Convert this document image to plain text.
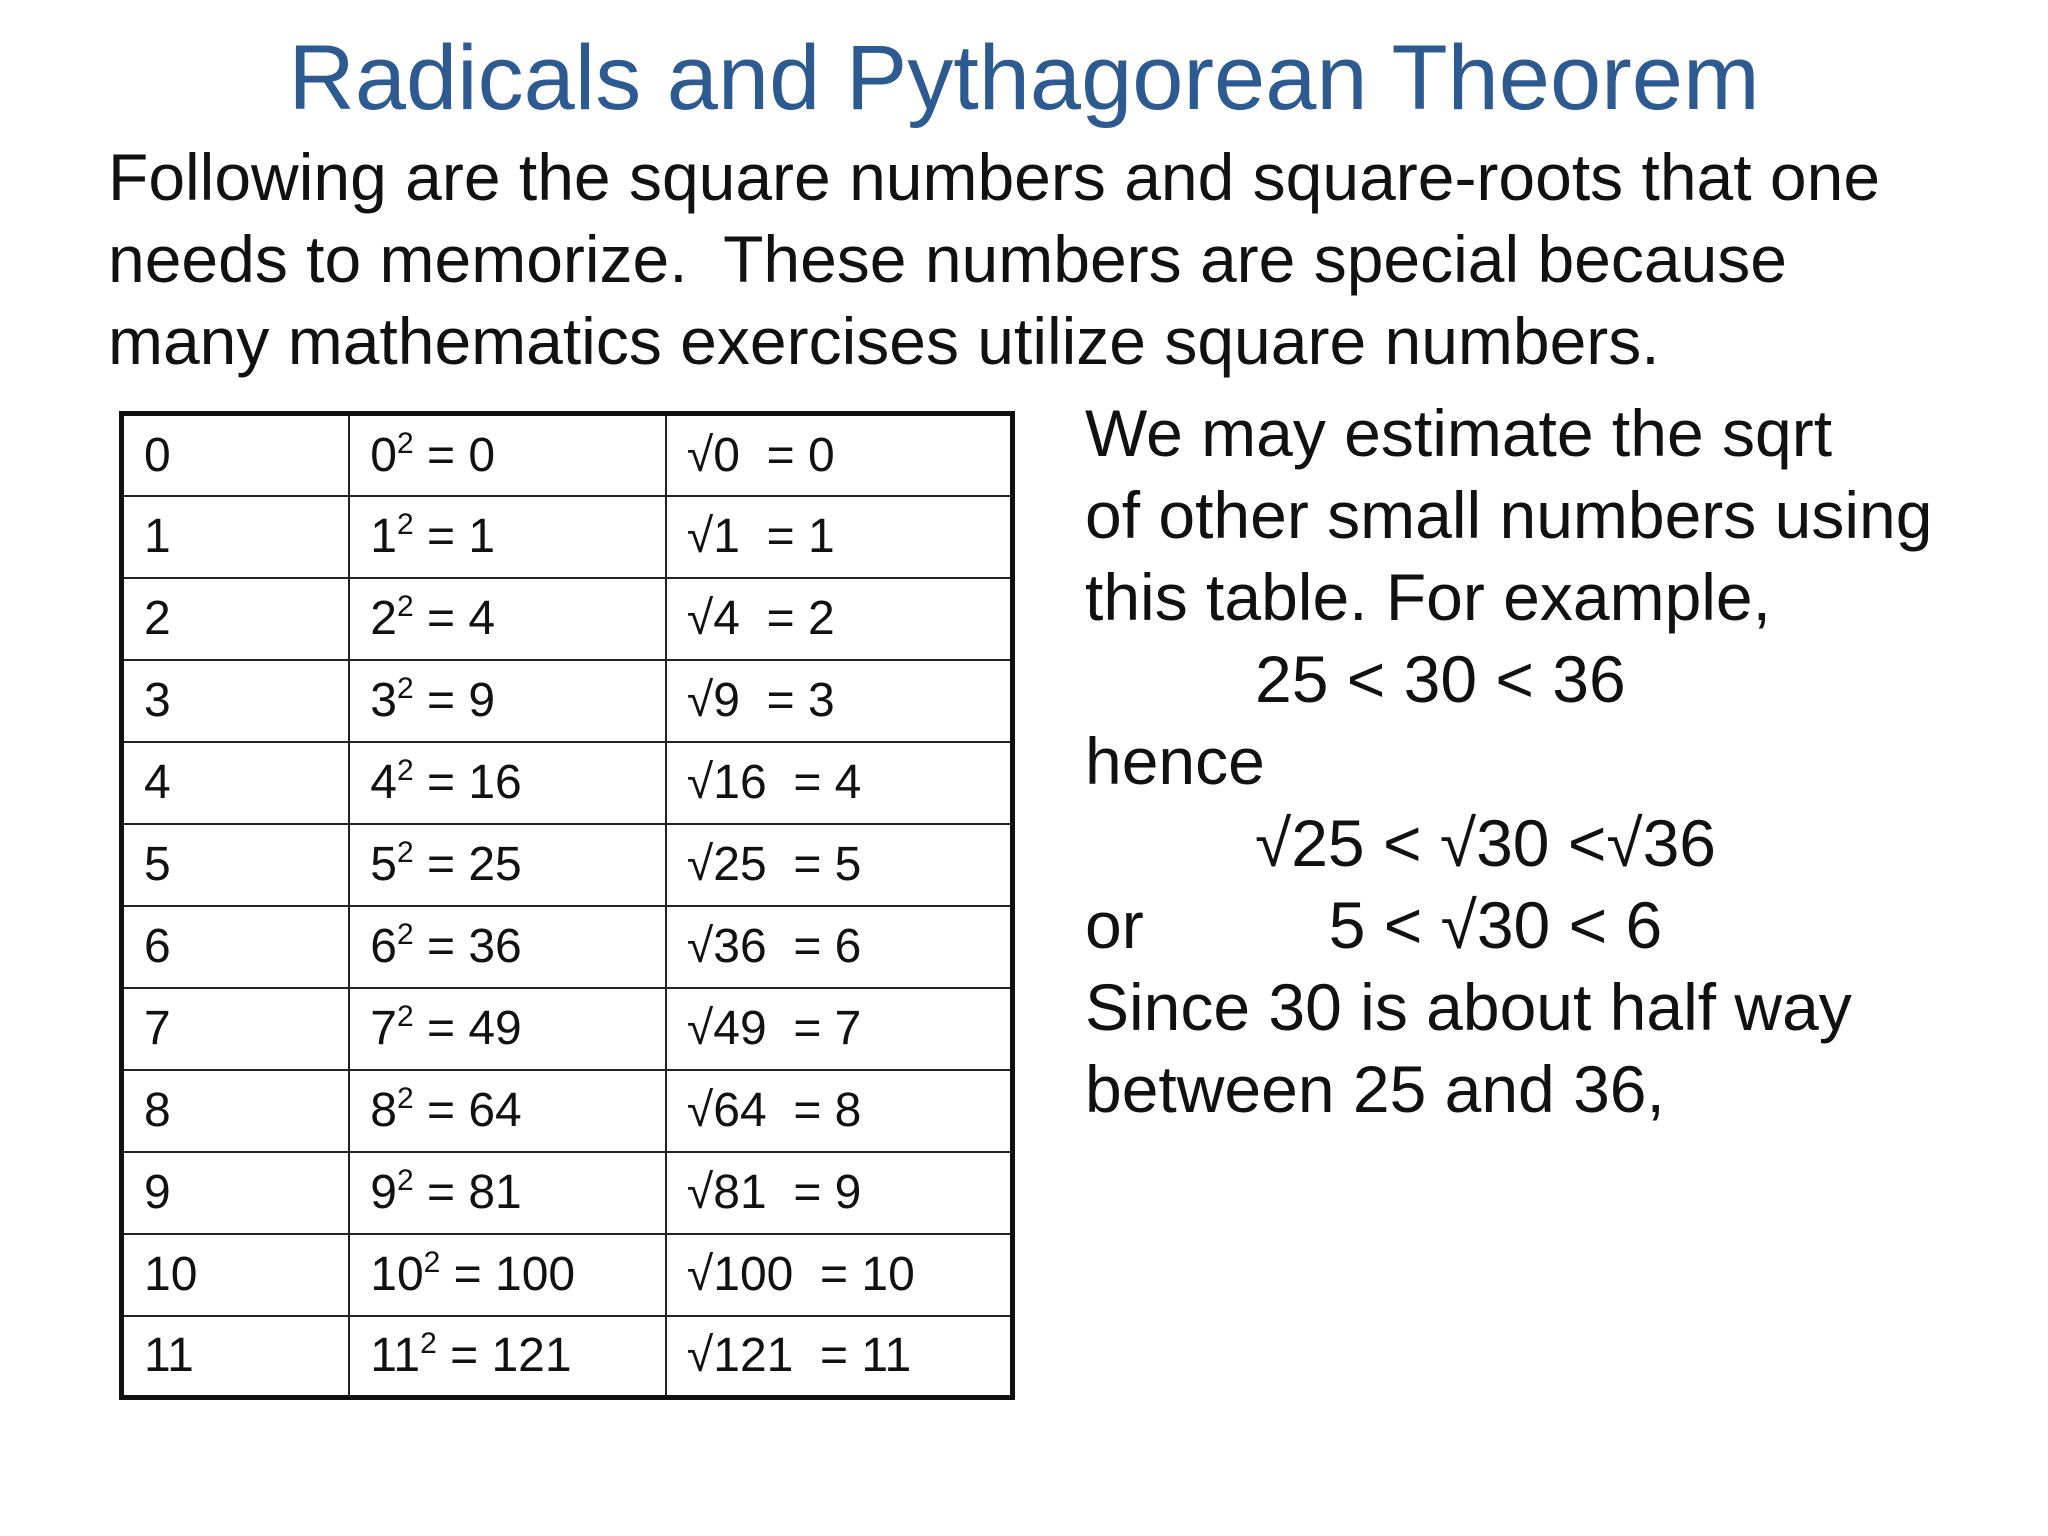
Radicals and Pythagorean Theorem
Following are the square numbers and square-roots that one
needs to memorize.  These numbers are special because
many mathematics exercises utilize square numbers.
0	$0^2 = 0$	√0  = 0
1	$1^2 = 1$	√1  = 1
2	$2^2 = 4$	√4  = 2
3	$3^2 = 9$	√9  = 3
4	$4^2 = 16$	√16  = 4
5	$5^2 = 25$	√25  = 5
6	$6^2 = 36$	√36  = 6
7	$7^2 = 49$	√49  = 7
8	$8^2 = 64$	√64  = 8
9	$9^2 = 81$	√81  = 9
10	$10^2 = 100$	√100  = 10
11	$11^2 = 121$	√121  = 11
We may estimate the sqrt
of other small numbers using
this table. For example,
25 < 30 < 36
hence
√25 < √30 <√36
or	5 < √30 < 6
Since 30 is about half way
between 25 and 36,
